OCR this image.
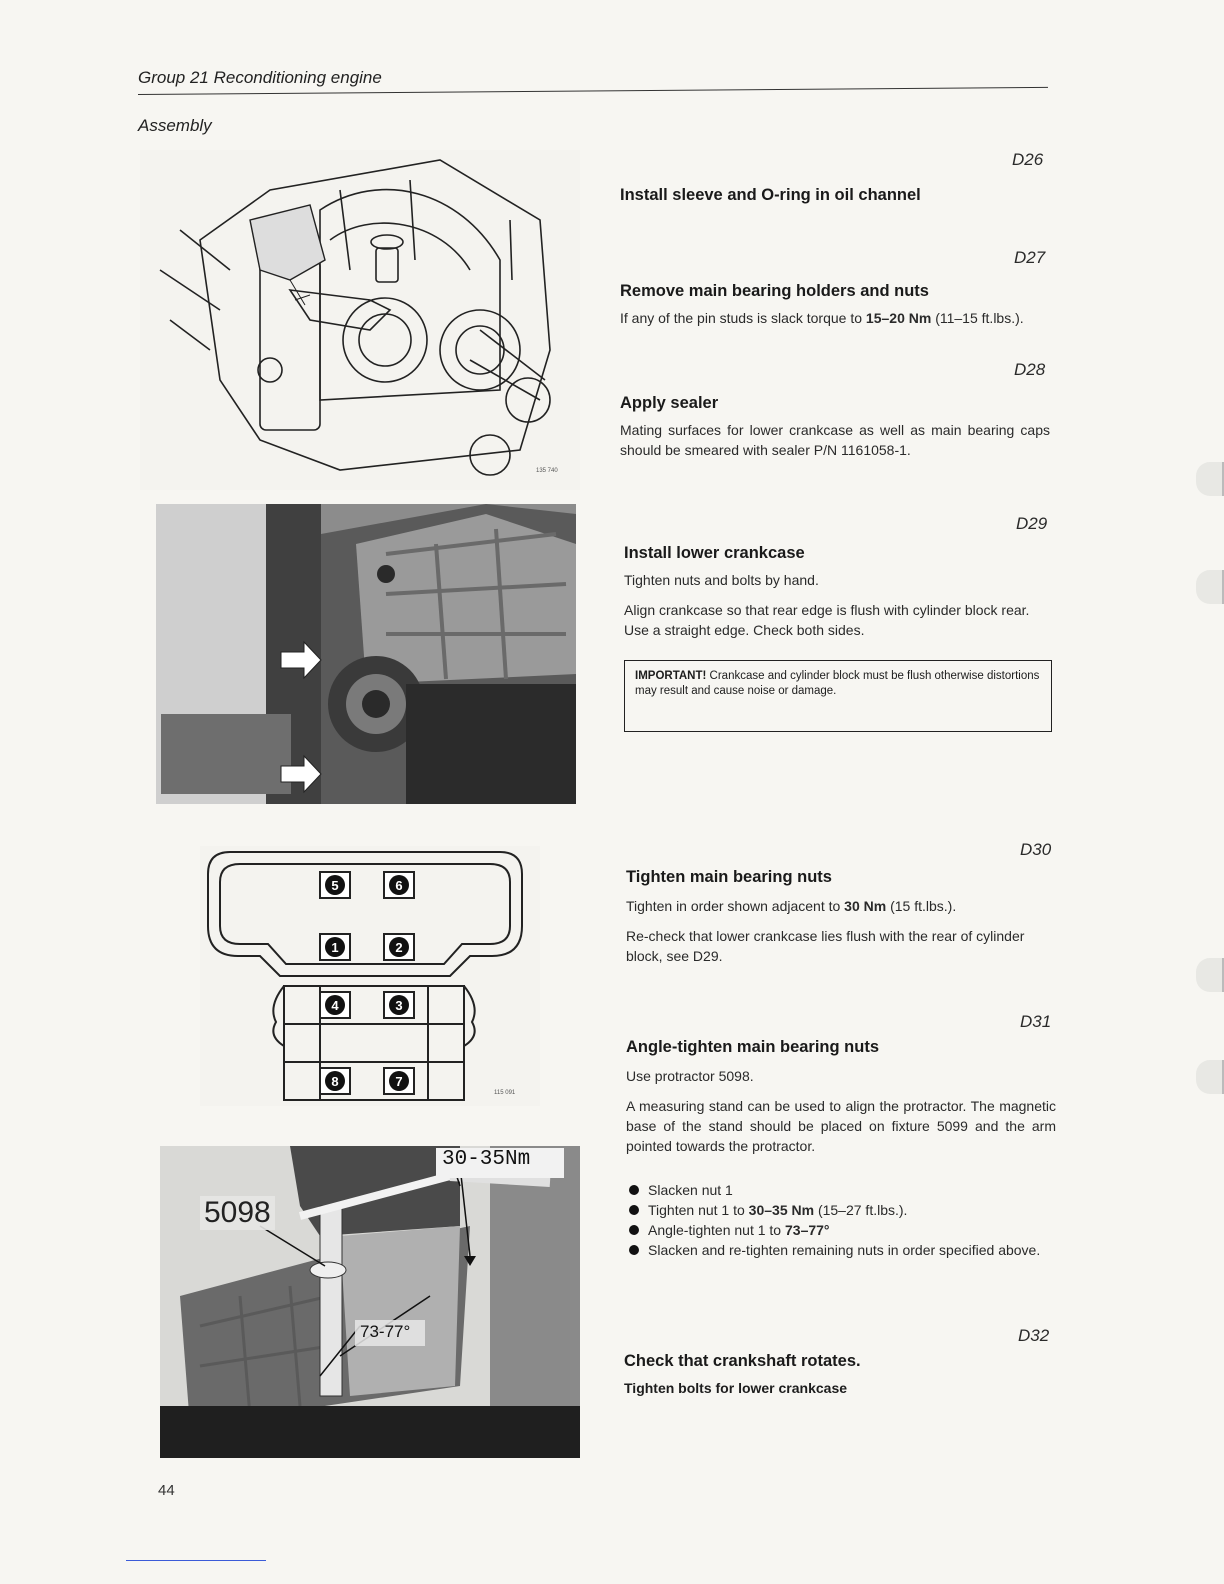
Group 21 Reconditioning engine
Assembly
135 740
5	6
1	2
4	3
8	7
115 091
5098
30-35Nm
73-77°
D26
Install sleeve and O-ring in oil channel
D27
Remove main bearing holders and nuts
If any of the pin studs is slack torque to 15–20 Nm (11–15 ft.lbs.).
D28
Apply sealer
Mating surfaces for lower crankcase as well as main bearing caps should be smeared with sealer P/N 1161058-1.
D29
Install lower crankcase
Tighten nuts and bolts by hand.
Align crankcase so that rear edge is flush with cylinder block rear. Use a straight edge. Check both sides.
IMPORTANT! Crankcase and cylinder block must be flush otherwise distortions may result and cause noise or damage.
D30
Tighten main bearing nuts
Tighten in order shown adjacent to 30 Nm (15 ft.lbs.).
Re-check that lower crankcase lies flush with the rear of cylinder block, see D29.
D31
Angle-tighten main bearing nuts
Use protractor 5098.
A measuring stand can be used to align the protractor. The magnetic base of the stand should be placed on fixture 5099 and the arm pointed towards the protractor.
Slacken nut 1
Tighten nut 1 to 30–35 Nm (15–27 ft.lbs.).
Angle-tighten nut 1 to 73–77°
Slacken and re-tighten remaining nuts in order specified above.
D32
Check that crankshaft rotates.
Tighten bolts for lower crankcase
44
